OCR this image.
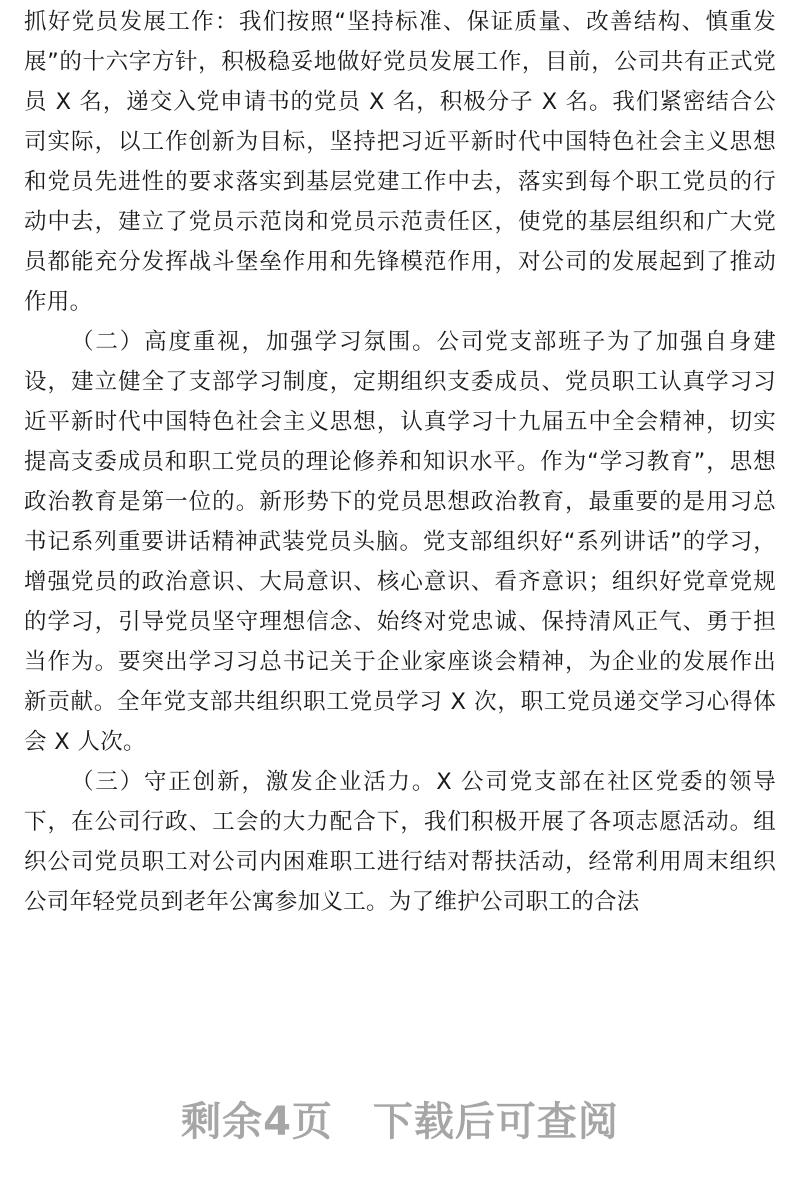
抓好党员发展工作：我们按照“坚持标准、保证质量、改善结构、慎重发展”的十六字方针，积极稳妥地做好党员发展工作，目前，公司共有正式党员 X 名，递交入党申请书的党员 X 名，积极分子 X 名。我们紧密结合公司实际，以工作创新为目标，坚持把习近平新时代中国特色社会主义思想和党员先进性的要求落实到基层党建工作中去，落实到每个职工党员的行动中去，建立了党员示范岗和党员示范责任区，使党的基层组织和广大党员都能充分发挥战斗堡垒作用和先锋模范作用，对公司的发展起到了推动作用。

（二）高度重视，加强学习氛围。公司党支部班子为了加强自身建设，建立健全了支部学习制度，定期组织支委成员、党员职工认真学习习近平新时代中国特色社会主义思想，认真学习十九届五中全会精神，切实提高支委成员和职工党员的理论修养和知识水平。作为“学习教育”，思想政治教育是第一位的。新形势下的党员思想政治教育，最重要的是用习总书记系列重要讲话精神武装党员头脑。党支部组织好“系列讲话”的学习，增强党员的政治意识、大局意识、核心意识、看齐意识；组织好党章党规的学习，引导党员坚守理想信念、始终对党忠诚、保持清风正气、勇于担当作为。要突出学习习总书记关于企业家座谈会精神，为企业的发展作出新贡献。全年党支部共组织职工党员学习 X 次，职工党员递交学习心得体会 X 人次。

（三）守正创新，激发企业活力。X 公司党支部在社区党委的领导下，在公司行政、工会的大力配合下，我们积极开展了各项志愿活动。组织公司党员职工对公司内困难职工进行结对帮扶活动，经常利用周末组织公司年轻党员到老年公寓参加义工。为了维护公司职工的合法

剩余4页 下载后可查阅
